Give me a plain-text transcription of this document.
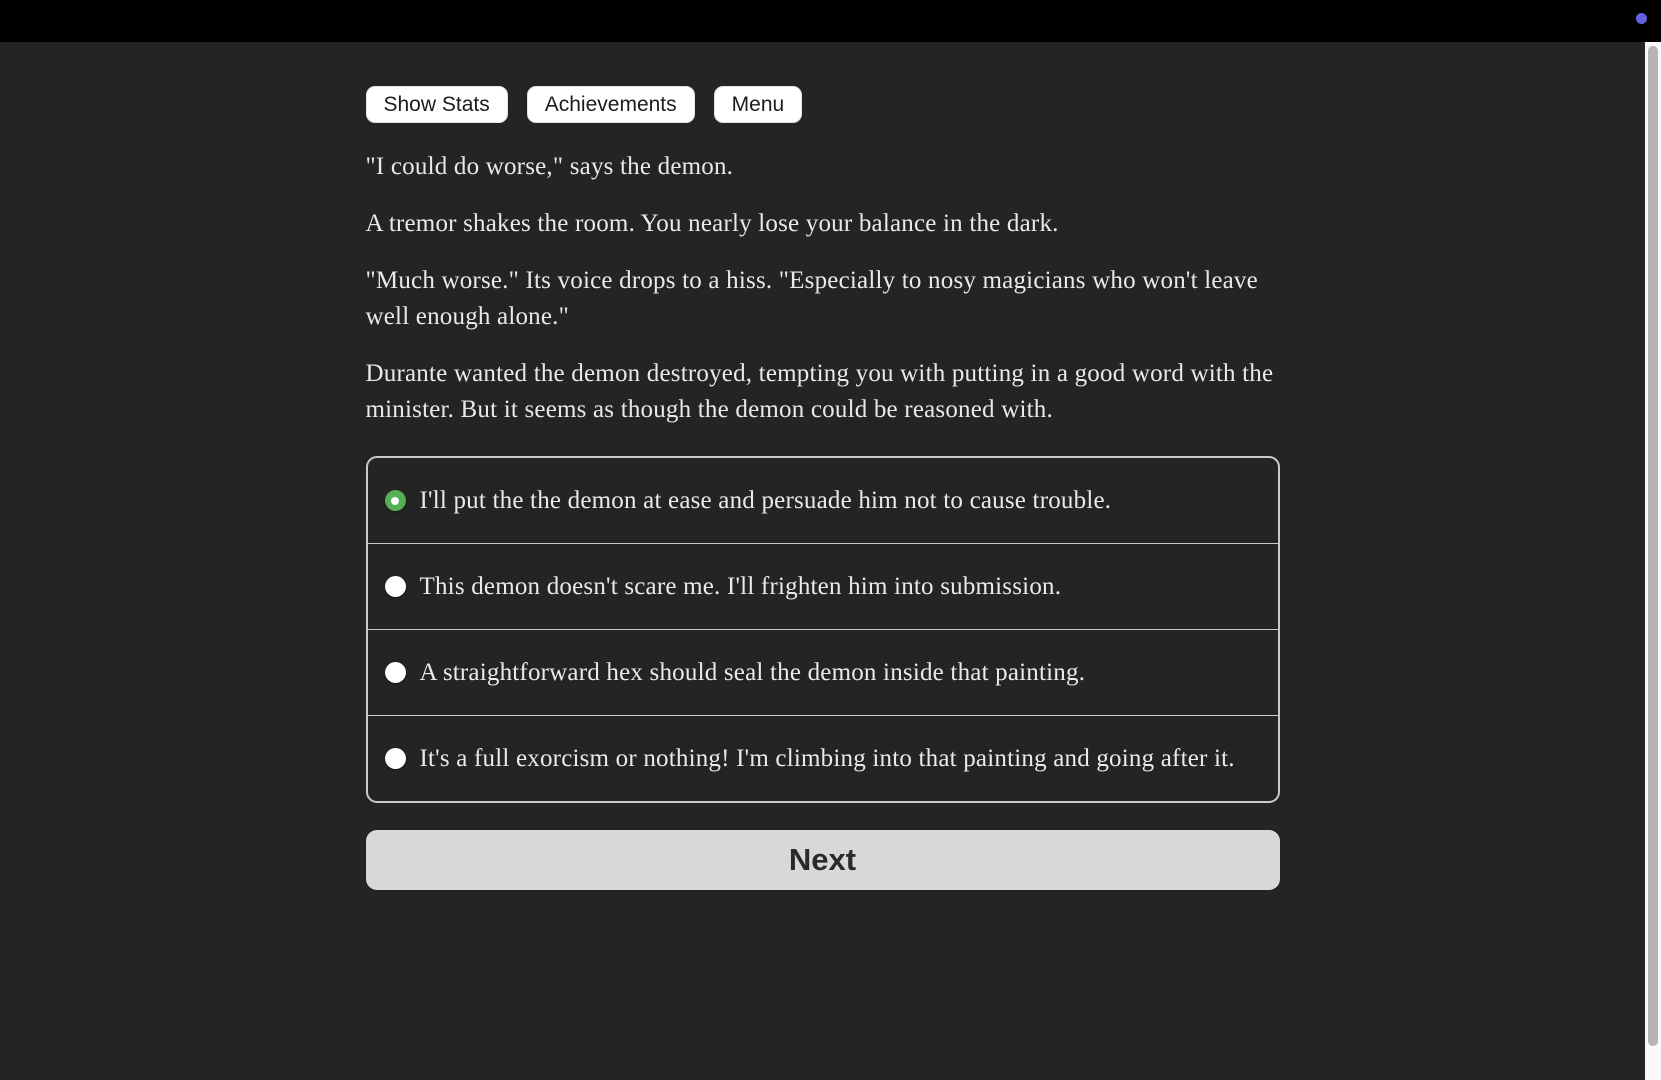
Show Stats	Achievements	Menu

"I could do worse," says the demon.

A tremor shakes the room. You nearly lose your balance in the dark.

"Much worse." Its voice drops to a hiss. "Especially to nosy magicians who won't leave well enough alone."

Durante wanted the demon destroyed, tempting you with putting in a good word with the minister. But it seems as though the demon could be reasoned with.

I'll put the the demon at ease and persuade him not to cause trouble.
This demon doesn't scare me. I'll frighten him into submission.
A straightforward hex should seal the demon inside that painting.
It's a full exorcism or nothing! I'm climbing into that painting and going after it.
Next
